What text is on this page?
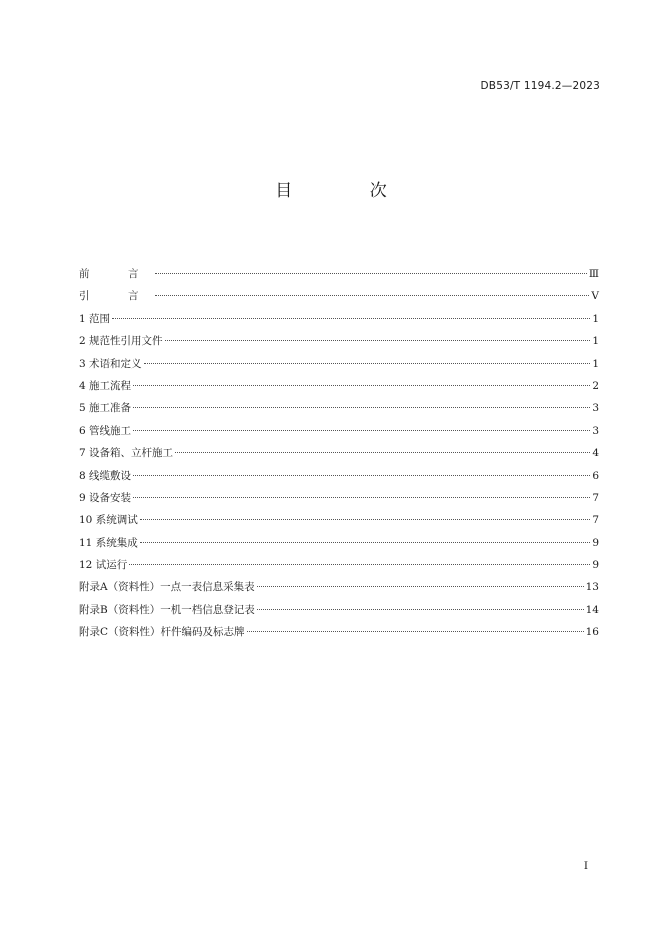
DB53/T 1194.2—2023
目 次
前　言	Ⅲ
引　言	Ⅴ
1 范围	1
2 规范性引用文件	1
3 术语和定义	1
4 施工流程	2
5 施工准备	3
6 管线施工	3
7 设备箱、立杆施工	4
8 线缆敷设	6
9 设备安装	7
10 系统调试	7
11 系统集成	9
12 试运行	9
附录A（资料性）一点一表信息采集表	13
附录B（资料性）一机一档信息登记表	14
附录C（资料性）杆件编码及标志牌	16
I
